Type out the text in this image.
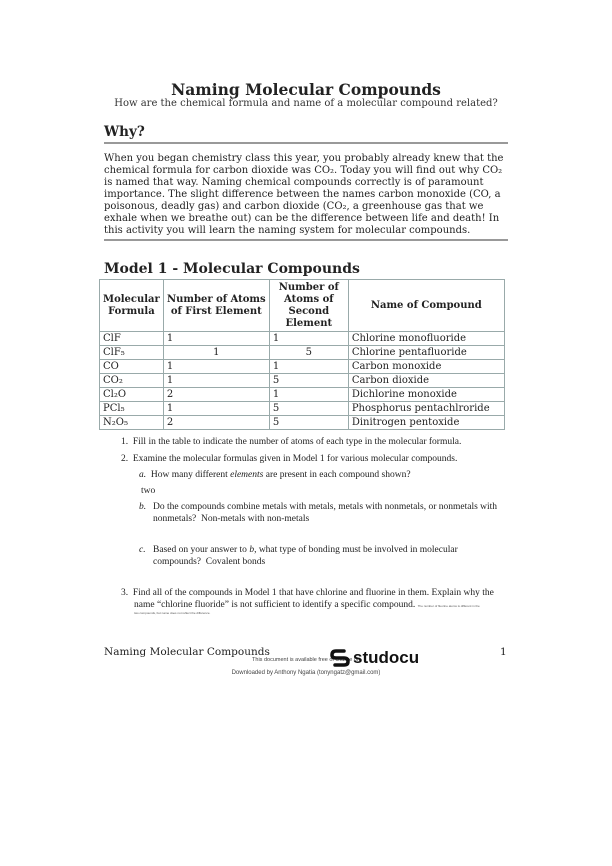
Naming Molecular Compounds
How are the chemical formula and name of a molecular compound related?
Why?
When you began chemistry class this year, you probably already knew that the chemical formula for carbon dioxide was CO₂. Today you will find out why CO₂ is named that way. Naming chemical compounds correctly is of paramount importance. The slight difference between the names carbon monoxide (CO, a poisonous, deadly gas) and carbon dioxide (CO₂, a greenhouse gas that we exhale when we breathe out) can be the difference between life and death! In this activity you will learn the naming system for molecular compounds.
Model 1 - Molecular Compounds
Molecular Formula	Number of Atoms of First Element	Number of Atoms of Second Element	Name of Compound
ClF	1	1	Chlorine monofluoride
ClF₅	1	5	Chlorine pentafluoride
CO	1	1	Carbon monoxide
CO₂	1	5	Carbon dioxide
Cl₂O	2	1	Dichlorine monoxide
PCl₅	1	5	Phosphorus pentachlroride
N₂O₅	2	5	Dinitrogen pentoxide
1. Fill in the table to indicate the number of atoms of each type in the molecular formula.
2. Examine the molecular formulas given in Model 1 for various molecular compounds.
a. How many different elements are present in each compound shown?
two
b. Do the compounds combine metals with metals, metals with nonmetals, or nonmetals with nonmetals? Non-metals with non-metals
c. Based on your answer to b, what type of bonding must be involved in molecular compounds? Covalent bonds
3. Find all of the compounds in Model 1 that have chlorine and fluorine in them. Explain why the
name “chlorine fluoride” is not sufficient to identify a specific compound. The number of fluorine atoms is different in the
two compounds, but name does not reflect the difference.
Naming Molecular Compounds	1
This document is available free of charge on
studocu
Downloaded by Anthony Ngatia (tonyngatz@gmail.com)
